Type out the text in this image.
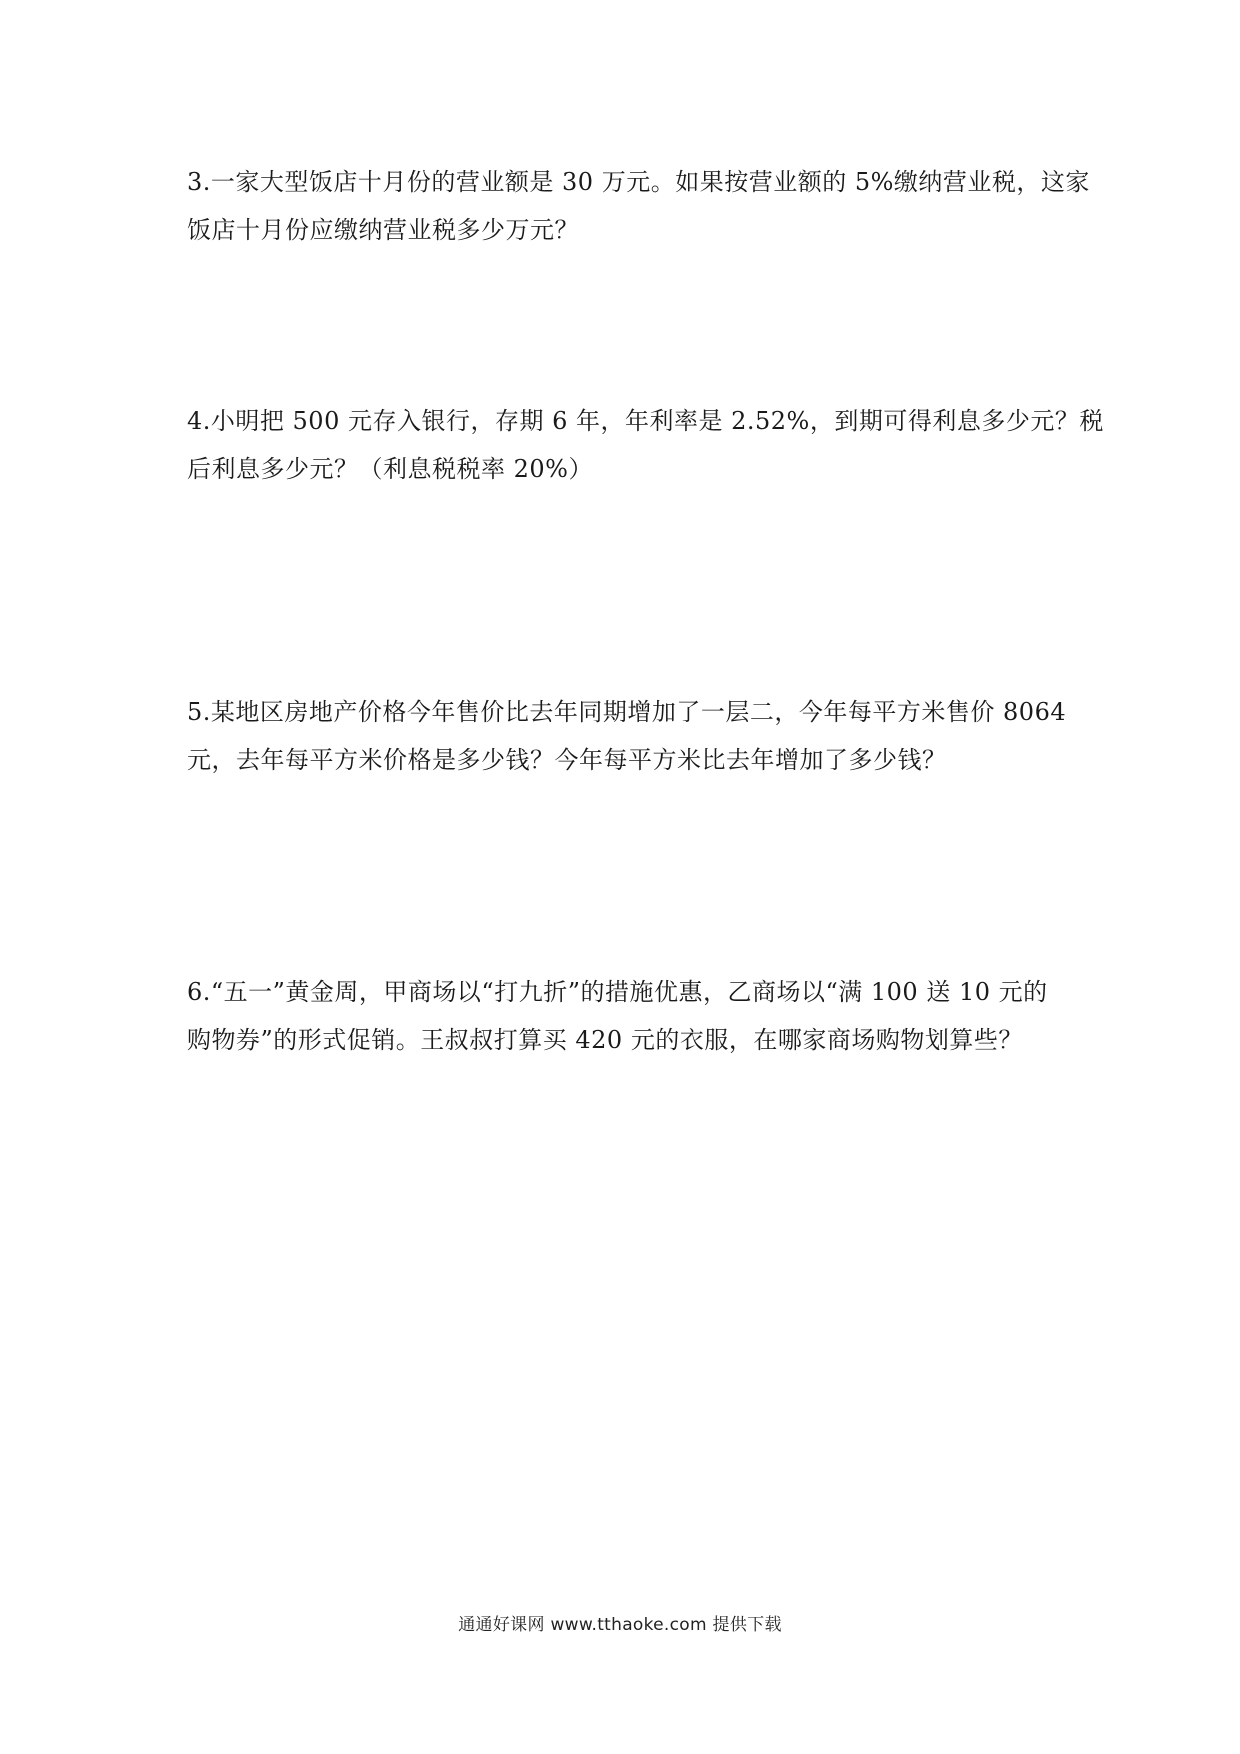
3.一家大型饭店十月份的营业额是 30 万元。如果按营业额的 5%缴纳营业税，这家
饭店十月份应缴纳营业税多少万元？
4.小明把 500 元存入银行，存期 6 年，年利率是 2.52%，到期可得利息多少元？税
后利息多少元？（利息税税率 20%）
5.某地区房地产价格今年售价比去年同期增加了一层二，今年每平方米售价 8064
元，去年每平方米价格是多少钱？今年每平方米比去年增加了多少钱？
6.“五一”黄金周，甲商场以“打九折”的措施优惠，乙商场以“满 100 送 10 元的
购物券”的形式促销。王叔叔打算买 420 元的衣服，在哪家商场购物划算些？
通通好课网 www.tthaoke.com 提供下载
